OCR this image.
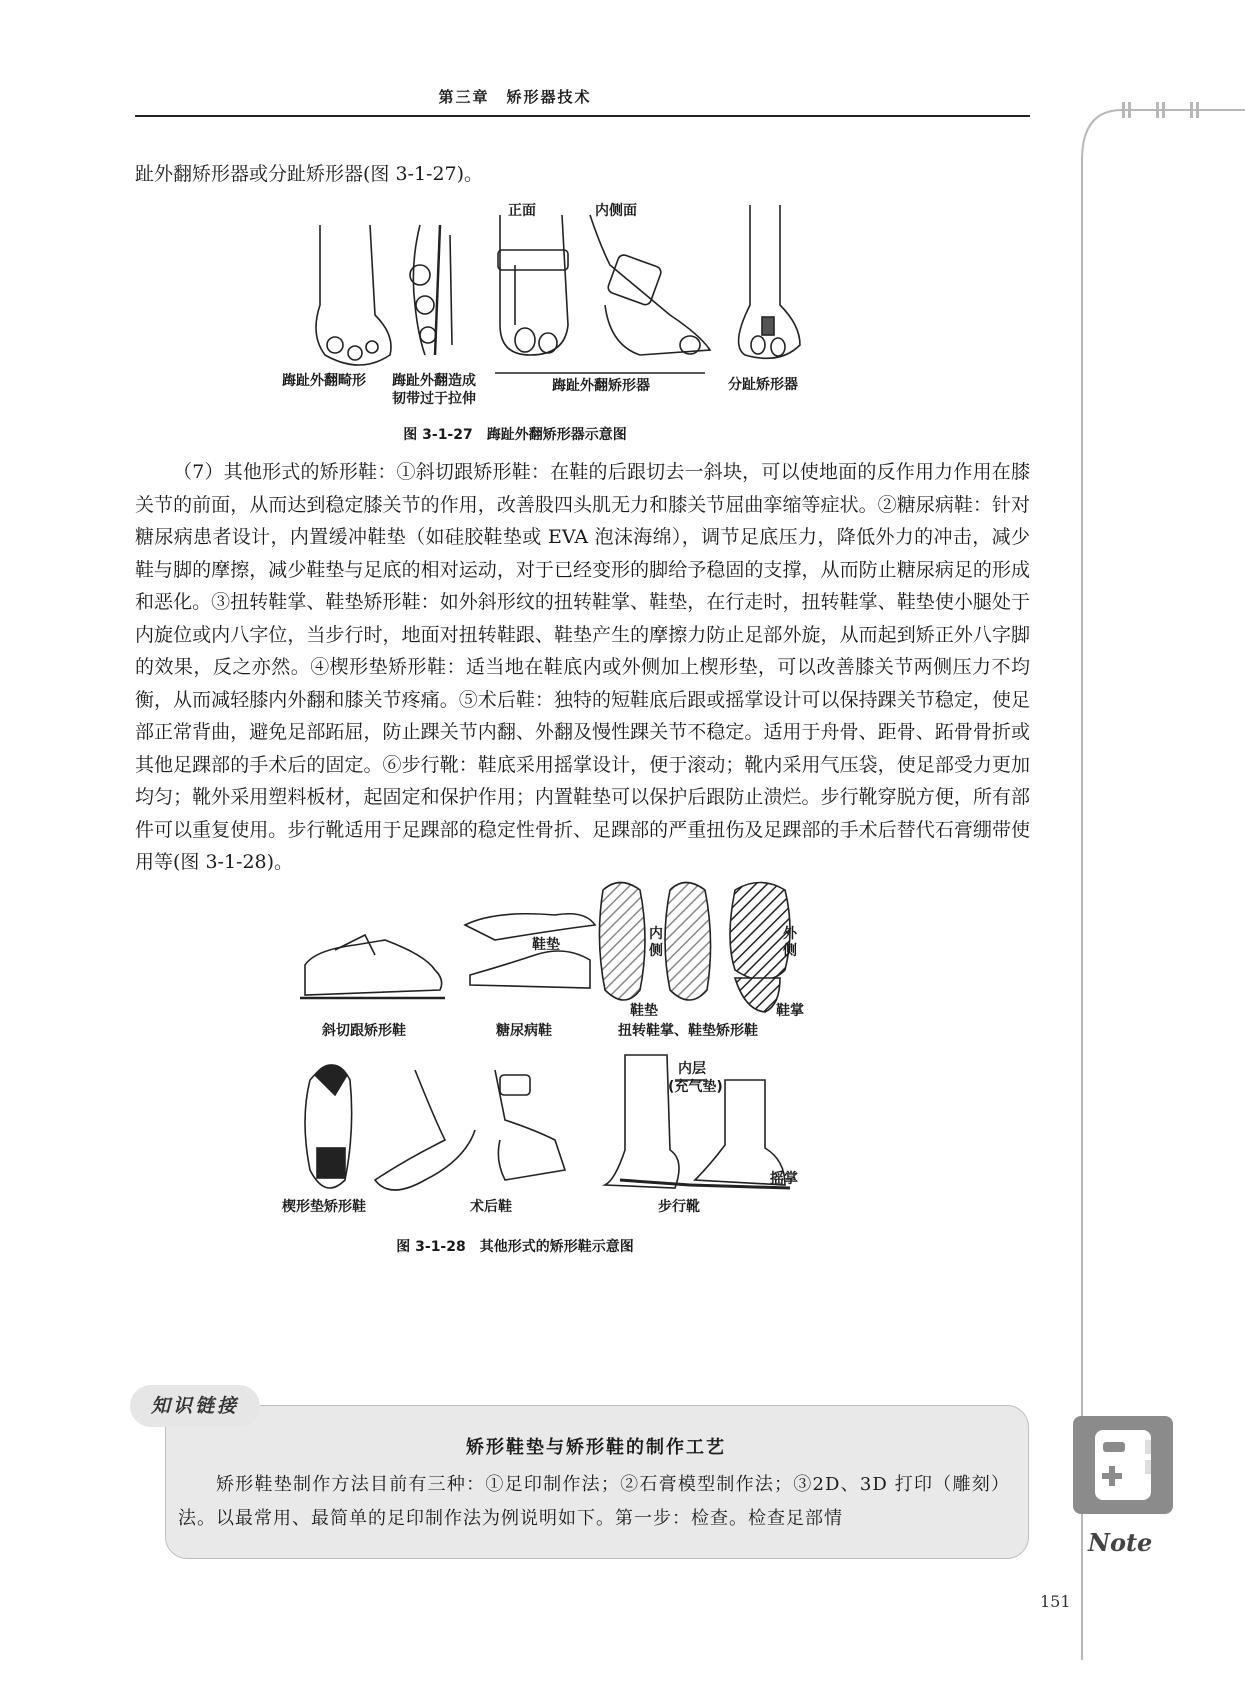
第三章　矫形器技术

趾外翻矫形器或分趾矫形器(图 3-1-27)。

正面	内侧面
踇趾外翻畸形 踇趾外翻造成
韧带过于拉伸
踇趾外翻矫形器	分趾矫形器
图 3-1-27　踇趾外翻矫形器示意图

（7）其他形式的矫形鞋：①斜切跟矫形鞋：在鞋的后跟切去一斜块，可以使地面的反作用力作用在膝关节的前面，从而达到稳定膝关节的作用，改善股四头肌无力和膝关节屈曲挛缩等症状。②糖尿病鞋：针对糖尿病患者设计，内置缓冲鞋垫（如硅胶鞋垫或 EVA 泡沫海绵），调节足底压力，降低外力的冲击，减少鞋与脚的摩擦，减少鞋垫与足底的相对运动，对于已经变形的脚给予稳固的支撑，从而防止糖尿病足的形成和恶化。③扭转鞋掌、鞋垫矫形鞋：如外斜形纹的扭转鞋掌、鞋垫，在行走时，扭转鞋掌、鞋垫使小腿处于内旋位或内八字位，当步行时，地面对扭转鞋跟、鞋垫产生的摩擦力防止足部外旋，从而起到矫正外八字脚的效果，反之亦然。④楔形垫矫形鞋：适当地在鞋底内或外侧加上楔形垫，可以改善膝关节两侧压力不均衡，从而减轻膝内外翻和膝关节疼痛。⑤术后鞋：独特的短鞋底后跟或摇掌设计可以保持踝关节稳定，使足部正常背曲，避免足部跖屈，防止踝关节内翻、外翻及慢性踝关节不稳定。适用于舟骨、距骨、跖骨骨折或其他足踝部的手术后的固定。⑥步行靴：鞋底采用摇掌设计，便于滚动；靴内采用气压袋，使足部受力更加均匀；靴外采用塑料板材，起固定和保护作用；内置鞋垫可以保护后跟防止溃烂。步行靴穿脱方便，所有部件可以重复使用。步行靴适用于足踝部的稳定性骨折、足踝部的严重扭伤及足踝部的手术后替代石膏绷带使用等(图 3-1-28)。

鞋垫
内侧
外侧
鞋垫	鞋掌
斜切跟矫形鞋	糖尿病鞋	扭转鞋掌、鞋垫矫形鞋
内层
(充气垫)
摇掌
楔形垫矫形鞋	术后鞋	步行靴
图 3-1-28　其他形式的矫形鞋示意图
知识链接
矫形鞋垫与矫形鞋的制作工艺

矫形鞋垫制作方法目前有三种：①足印制作法；②石膏模型制作法；③2D、3D 打印（雕刻）法。以最常用、最简单的足印制作法为例说明如下。第一步：检查。检查足部情

Note
151
